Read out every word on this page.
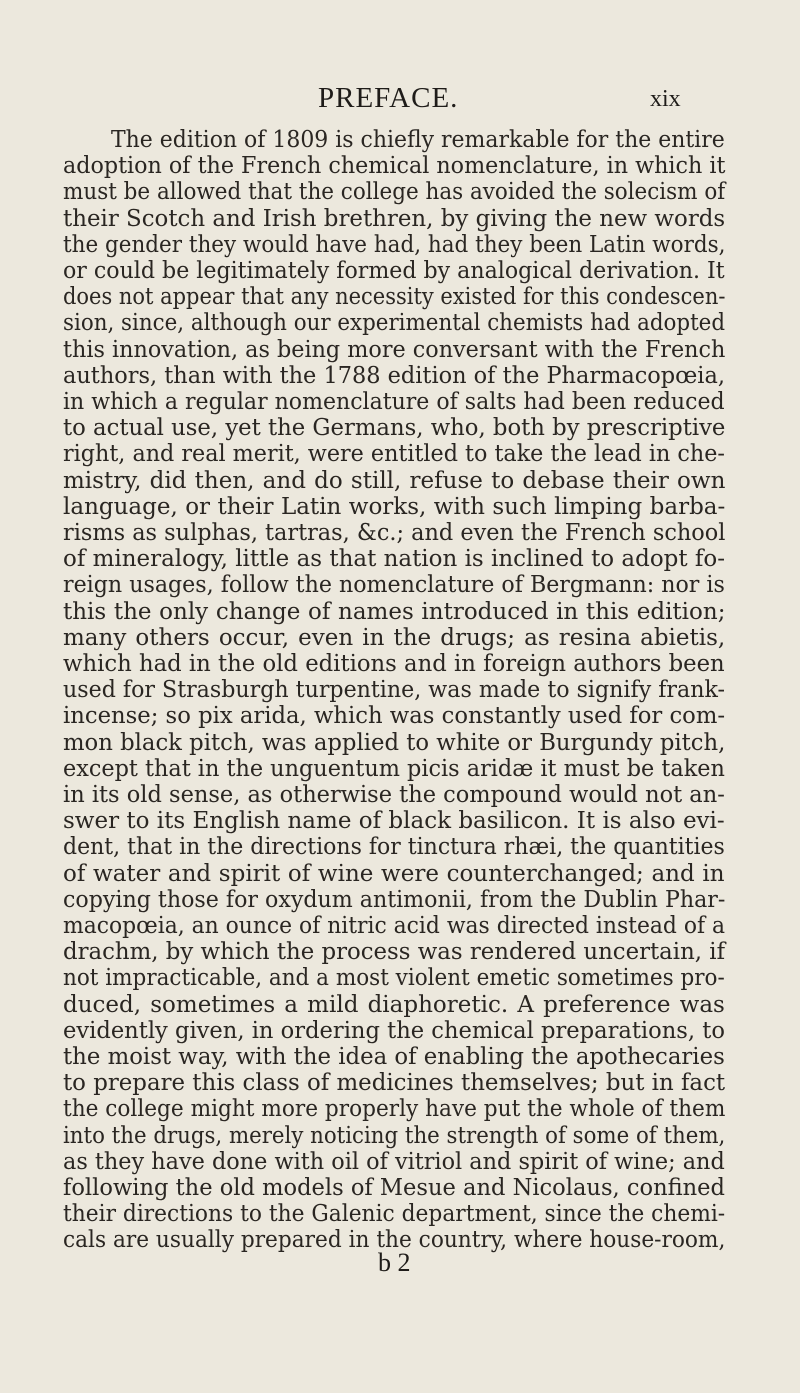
PREFACE.	xix
The edition of 1809 is chiefly remarkable for the entire
adoption of the French chemical nomenclature, in which it
must be allowed that the college has avoided the solecism of
their Scotch and Irish brethren, by giving the new words
the gender they would have had, had they been Latin words,
or could be legitimately formed by analogical derivation. It
does not appear that any necessity existed for this condescen-
sion, since, although our experimental chemists had adopted
this innovation, as being more conversant with the French
authors, than with the 1788 edition of the Pharmacopœia,
in which a regular nomenclature of salts had been reduced
to actual use, yet the Germans, who, both by prescriptive
right, and real merit, were entitled to take the lead in che-
mistry, did then, and do still, refuse to debase their own
language, or their Latin works, with such limping barba-
risms as sulphas, tartras, &c.; and even the French school
of mineralogy, little as that nation is inclined to adopt fo-
reign usages, follow the nomenclature of Bergmann: nor is
this the only change of names introduced in this edition;
many others occur, even in the drugs; as resina abietis,
which had in the old editions and in foreign authors been
used for Strasburgh turpentine, was made to signify frank-
incense; so pix arida, which was constantly used for com-
mon black pitch, was applied to white or Burgundy pitch,
except that in the unguentum picis aridæ it must be taken
in its old sense, as otherwise the compound would not an-
swer to its English name of black basilicon. It is also evi-
dent, that in the directions for tinctura rhæi, the quantities
of water and spirit of wine were counterchanged; and in
copying those for oxydum antimonii, from the Dublin Phar-
macopœia, an ounce of nitric acid was directed instead of a
drachm, by which the process was rendered uncertain, if
not impracticable, and a most violent emetic sometimes pro-
duced, sometimes a mild diaphoretic. A preference was
evidently given, in ordering the chemical preparations, to
the moist way, with the idea of enabling the apothecaries
to prepare this class of medicines themselves; but in fact
the college might more properly have put the whole of them
into the drugs, merely noticing the strength of some of them,
as they have done with oil of vitriol and spirit of wine; and
following the old models of Mesue and Nicolaus, confined
their directions to the Galenic department, since the chemi-
cals are usually prepared in the country, where house-room,
b 2
